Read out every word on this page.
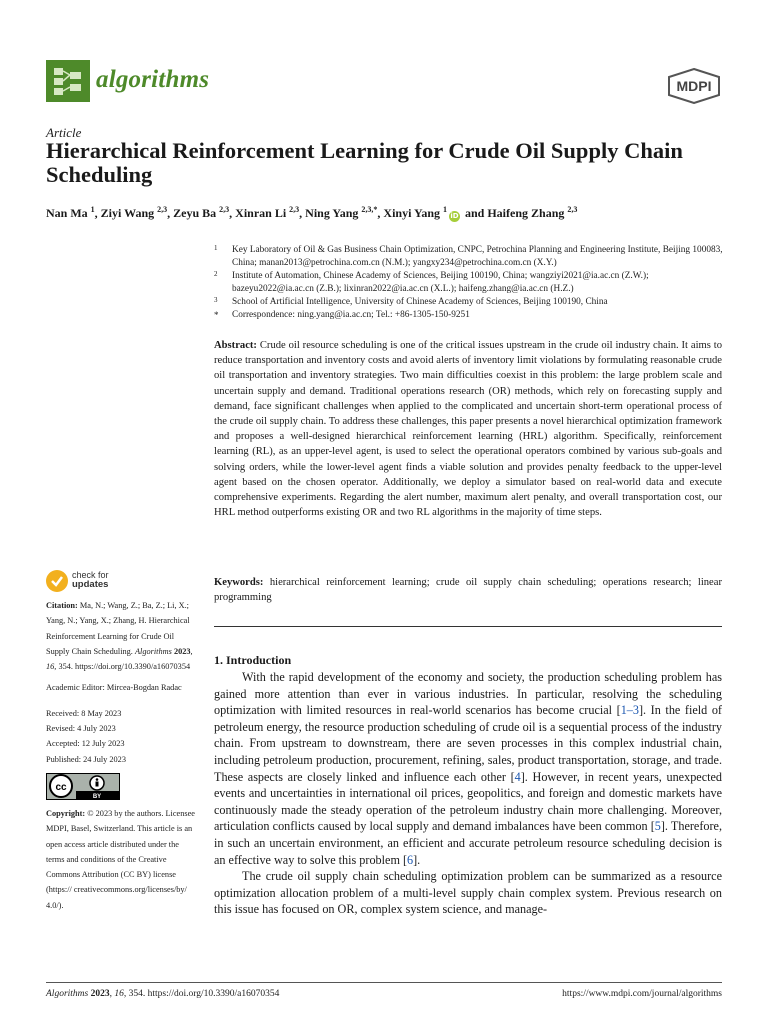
algorithms	MDPI
Article
Hierarchical Reinforcement Learning for Crude Oil Supply Chain Scheduling
Nan Ma $^1$, Ziyi Wang $^{2,3}$, Zeyu Ba $^{2,3}$, Xinran Li $^{2,3}$, Ning Yang $^{2,3,*}$, Xinyi Yang $^1$iD and Haifeng Zhang $^{2,3}$
1 Key Laboratory of Oil & Gas Business Chain Optimization, CNPC, Petrochina Planning and Engineering Institute, Beijing 100083, China; manan2013@petrochina.com.cn (N.M.); yangxy234@petrochina.com.cn (X.Y.)
2 Institute of Automation, Chinese Academy of Sciences, Beijing 100190, China; wangziyi2021@ia.ac.cn (Z.W.); bazeyu2022@ia.ac.cn (Z.B.); lixinran2022@ia.ac.cn (X.L.); haifeng.zhang@ia.ac.cn (H.Z.)
3 School of Artificial Intelligence, University of Chinese Academy of Sciences, Beijing 100190, China
* Correspondence: ning.yang@ia.ac.cn; Tel.: +86-1305-150-9251
Abstract: Crude oil resource scheduling is one of the critical issues upstream in the crude oil industry chain. It aims to reduce transportation and inventory costs and avoid alerts of inventory limit violations by formulating reasonable crude oil transportation and inventory strategies. Two main difficulties coexist in this problem: the large problem scale and uncertain supply and demand. Traditional operations research (OR) methods, which rely on forecasting supply and demand, face significant challenges when applied to the complicated and uncertain short-term operational process of the crude oil supply chain. To address these challenges, this paper presents a novel hierarchical optimization framework and proposes a well-designed hierarchical reinforcement learning (HRL) algorithm. Specifically, reinforcement learning (RL), as an upper-level agent, is used to select the operational operators combined by various sub-goals and solving orders, while the lower-level agent finds a viable solution and provides penalty feedback to the upper-level agent based on the chosen operator. Additionally, we deploy a simulator based on real-world data and execute comprehensive experiments. Regarding the alert number, maximum alert penalty, and overall transportation cost, our HRL method outperforms existing OR and two RL algorithms in the majority of time steps.
Keywords: hierarchical reinforcement learning; crude oil supply chain scheduling; operations research; linear programming
check for
updates
Citation: Ma, N.; Wang, Z.; Ba, Z.; Li, X.; Yang, N.; Yang, X.; Zhang, H. Hierarchical Reinforcement Learning for Crude Oil Supply Chain Scheduling. Algorithms 2023, 16, 354. https://doi.org/10.3390/a16070354
Academic Editor: Mircea-Bogdan Radac
Received: 8 May 2023
Revised: 4 July 2023
Accepted: 12 July 2023
Published: 24 July 2023
cc
BY
Copyright: © 2023 by the authors. Licensee MDPI, Basel, Switzerland. This article is an open access article distributed under the terms and conditions of the Creative Commons Attribution (CC BY) license (https:// creativecommons.org/licenses/by/ 4.0/).
1. Introduction

With the rapid development of the economy and society, the production scheduling problem has gained more attention than ever in various industries. In particular, resolving the scheduling optimization with limited resources in real-world scenarios has become crucial [1–3]. In the field of petroleum energy, the resource production scheduling of crude oil is a sequential process of the industry chain. From upstream to downstream, there are seven processes in this complex industrial chain, including petroleum production, procurement, refining, sales, product transportation, storage, and trade. These aspects are closely linked and influence each other [4]. However, in recent years, unexpected events and uncertainties in international oil prices, geopolitics, and foreign and domestic markets have continuously made the steady operation of the petroleum industry chain more challenging. Moreover, articulation conflicts caused by local supply and demand imbalances have been common [5]. Therefore, in such an uncertain environment, an efficient and accurate petroleum resource scheduling decision is an effective way to solve this problem [6].

The crude oil supply chain scheduling optimization problem can be summarized as a resource optimization allocation problem of a multi-level supply chain complex system. Previous research on this issue has focused on OR, complex system science, and manage-

Algorithms 2023, 16, 354. https://doi.org/10.3390/a16070354	https://www.mdpi.com/journal/algorithms
